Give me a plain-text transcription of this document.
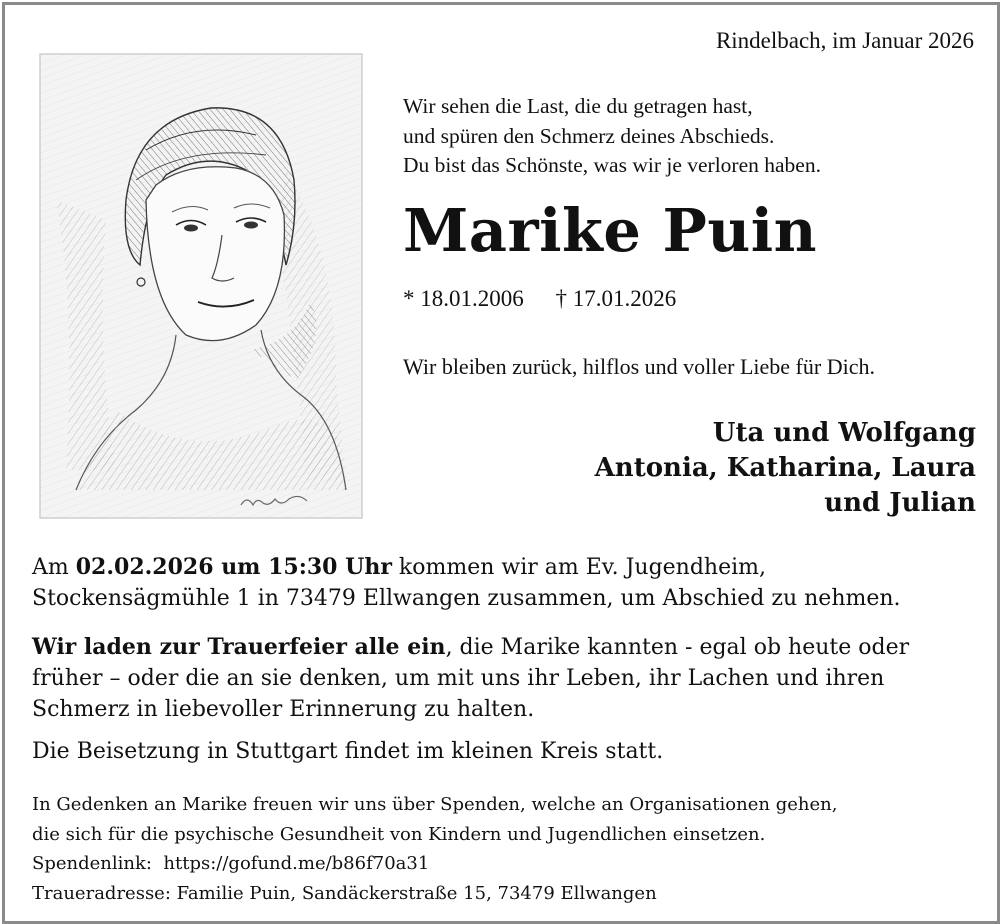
Rindelbach, im Januar 2026
Wir sehen die Last, die du getragen hast,
und spüren den Schmerz deines Abschieds.
Du bist das Schönste, was wir je verloren haben.
Marike Puin
* 18.01.2006 † 17.01.2026
Wir bleiben zurück, hilflos und voller Liebe für Dich.
Uta und Wolfgang
Antonia, Katharina, Laura
und Julian
Am 02.02.2026 um 15:30 Uhr kommen wir am Ev. Jugendheim,
Stockensägmühle 1 in 73479 Ellwangen zusammen, um Abschied zu nehmen.
Wir laden zur Trauerfeier alle ein, die Marike kannten - egal ob heute oder
früher – oder die an sie denken, um mit uns ihr Leben, ihr Lachen und ihren
Schmerz in liebevoller Erinnerung zu halten.
Die Beisetzung in Stuttgart findet im kleinen Kreis statt.
In Gedenken an Marike freuen wir uns über Spenden, welche an Organisationen gehen,
die sich für die psychische Gesundheit von Kindern und Jugendlichen einsetzen.
Spendenlink: https://gofund.me/b86f70a31
Traueradresse: Familie Puin, Sandäckerstraße 15, 73479 Ellwangen
